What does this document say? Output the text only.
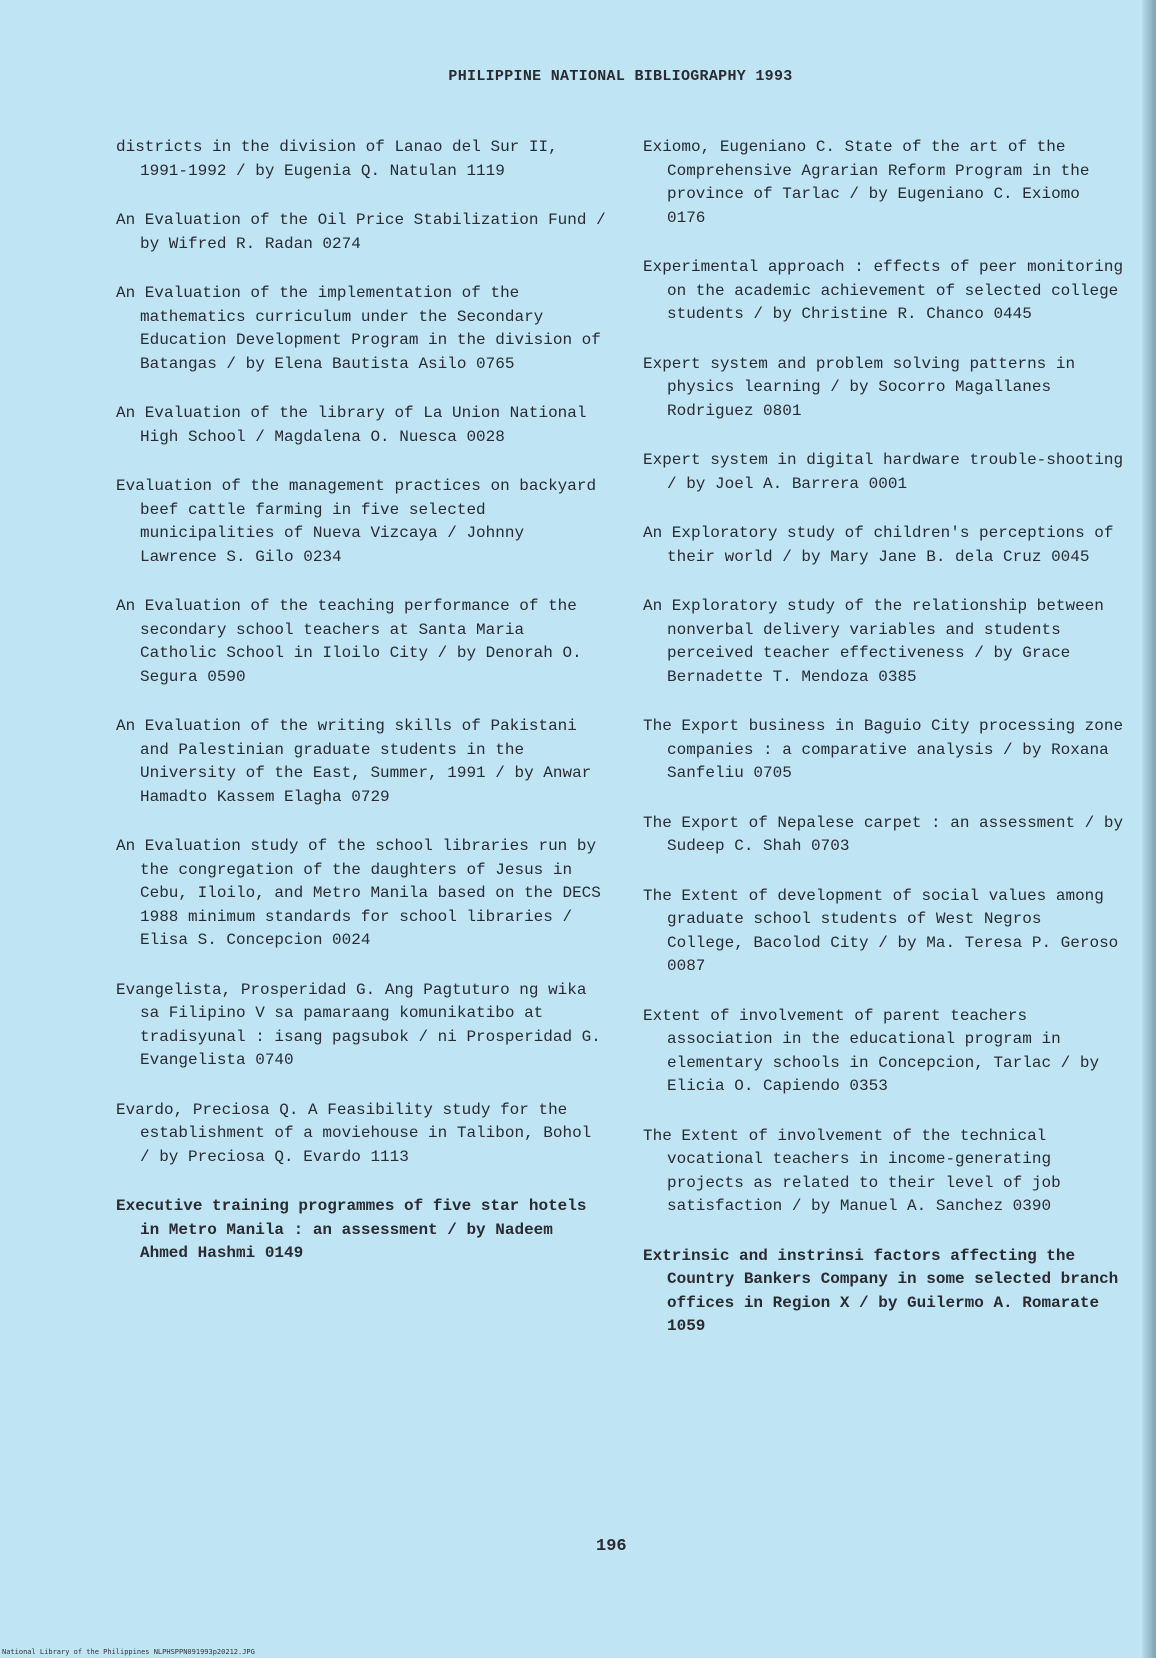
PHILIPPINE NATIONAL BIBLIOGRAPHY 1993

districts in the division of Lanao del Sur II, 1991-1992 / by Eugenia Q. Natulan 1119

An Evaluation of the Oil Price Stabilization Fund / by Wifred R. Radan 0274

An Evaluation of the implementation of the mathematics curriculum under the Secondary Education Development Program in the division of Batangas / by Elena Bautista Asilo 0765

An Evaluation of the library of La Union National High School / Magdalena O. Nuesca 0028

Evaluation of the management practices on backyard beef cattle farming in five selected municipalities of Nueva Vizcaya / Johnny Lawrence S. Gilo 0234

An Evaluation of the teaching performance of the secondary school teachers at Santa Maria Catholic School in Iloilo City / by Denorah O. Segura 0590

An Evaluation of the writing skills of Pakistani and Palestinian graduate students in the University of the East, Summer, 1991 / by Anwar Hamadto Kassem Elagha 0729

An Evaluation study of the school libraries run by the congregation of the daughters of Jesus in Cebu, Iloilo, and Metro Manila based on the DECS 1988 minimum standards for school libraries / Elisa S. Concepcion 0024

Evangelista, Prosperidad G. Ang Pagtuturo ng wika sa Filipino V sa pamaraang komunikatibo at tradisyunal : isang pagsubok / ni Prosperidad G. Evangelista 0740

Evardo, Preciosa Q. A Feasibility study for the establishment of a moviehouse in Talibon, Bohol / by Preciosa Q. Evardo 1113

Executive training programmes of five star hotels in Metro Manila : an assessment / by Nadeem Ahmed Hashmi 0149

Exiomo, Eugeniano C. State of the art of the Comprehensive Agrarian Reform Program in the province of Tarlac / by Eugeniano C. Exiomo 0176

Experimental approach : effects of peer monitoring on the academic achievement of selected college students / by Christine R. Chanco 0445

Expert system and problem solving patterns in physics learning / by Socorro Magallanes Rodriguez 0801

Expert system in digital hardware trouble-shooting / by Joel A. Barrera 0001

An Exploratory study of children's perceptions of their world / by Mary Jane B. dela Cruz 0045

An Exploratory study of the relationship between nonverbal delivery variables and students perceived teacher effectiveness / by Grace Bernadette T. Mendoza 0385

The Export business in Baguio City processing zone companies : a comparative analysis / by Roxana Sanfeliu 0705

The Export of Nepalese carpet : an assessment / by Sudeep C. Shah 0703

The Extent of development of social values among graduate school students of West Negros College, Bacolod City / by Ma. Teresa P. Geroso 0087

Extent of involvement of parent teachers association in the educational program in elementary schools in Concepcion, Tarlac / by Elicia O. Capiendo 0353

The Extent of involvement of the technical vocational teachers in income-generating projects as related to their level of job satisfaction / by Manuel A. Sanchez 0390

Extrinsic and instrinsi factors affecting the Country Bankers Company in some selected branch offices in Region X / by Guilermo A. Romarate 1059

196
National Library of the Philippines NLPHSPPN091993p20212.JPG
